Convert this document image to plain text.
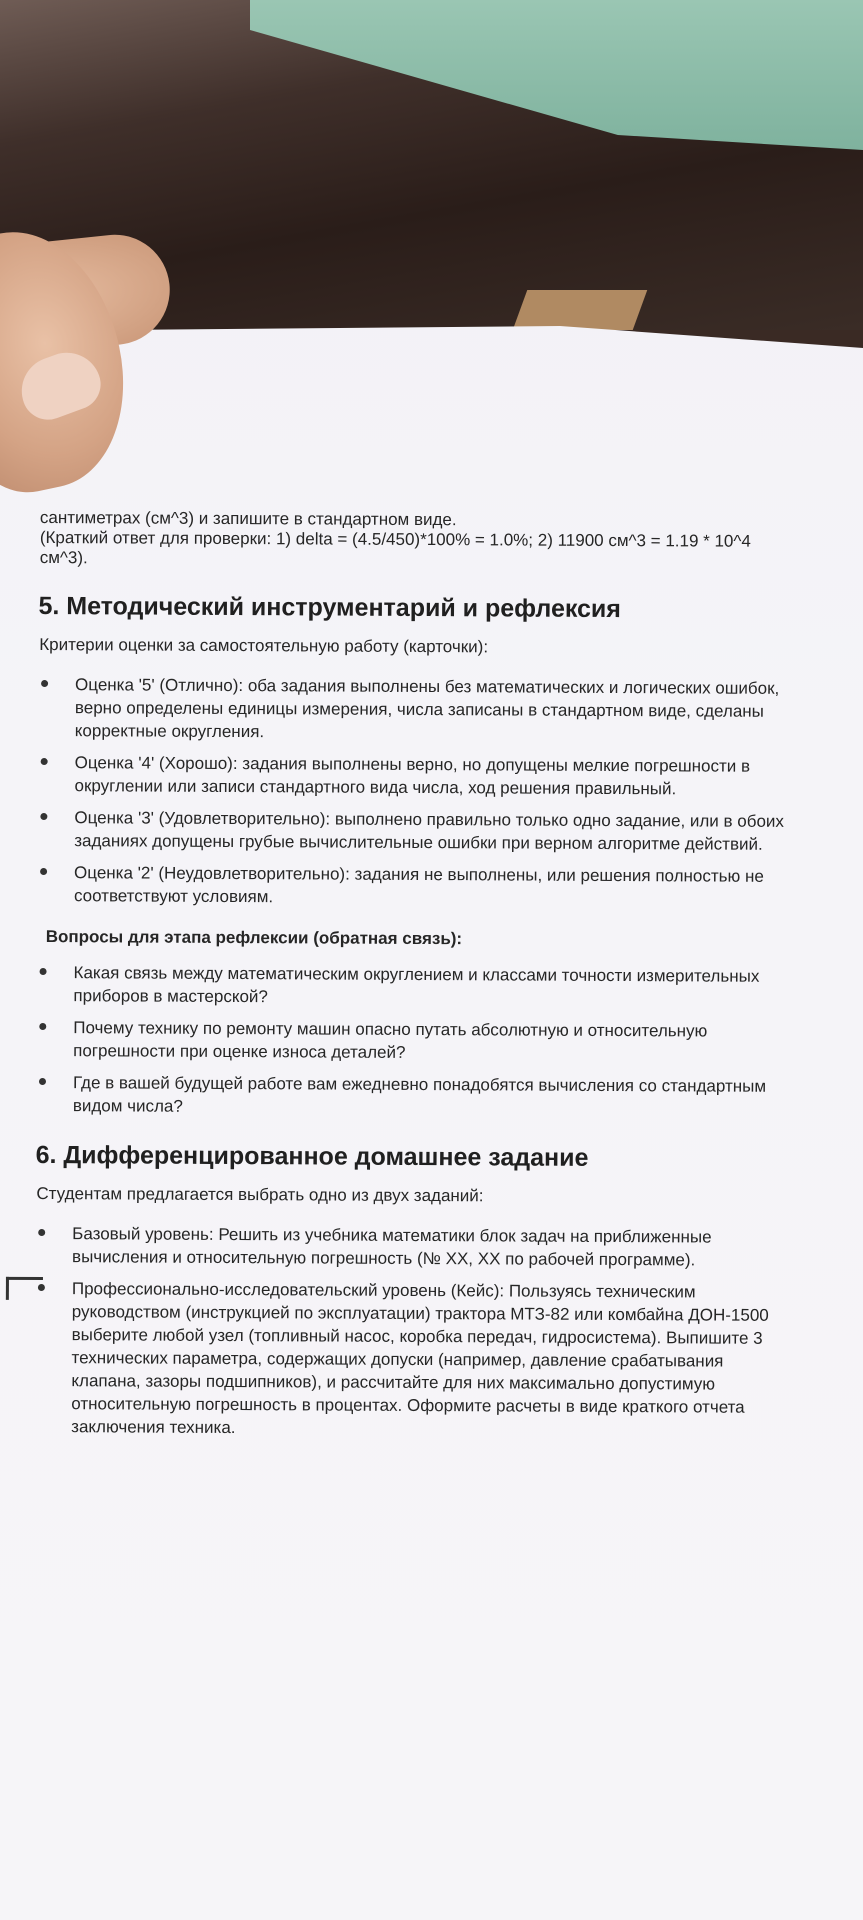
сантиметрах (см^3) и запишите в стандартном виде.
(Краткий ответ для проверки: 1) delta = (4.5/450)*100% = 1.0%; 2) 11900 см^3 = 1.19 * 10^4
см^3).
5. Методический инструментарий и рефлексия
Критерии оценки за самостоятельную работу (карточки):
Оценка '5' (Отлично): оба задания выполнены без математических и логических ошибок,
верно определены единицы измерения, числа записаны в стандартном виде, сделаны
корректные округления.
Оценка '4' (Хорошо): задания выполнены верно, но допущены мелкие погрешности в
округлении или записи стандартного вида числа, ход решения правильный.
Оценка '3' (Удовлетворительно): выполнено правильно только одно задание, или в обоих
заданиях допущены грубые вычислительные ошибки при верном алгоритме действий.
Оценка '2' (Неудовлетворительно): задания не выполнены, или решения полностью не
соответствуют условиям.
Вопросы для этапа рефлексии (обратная связь):
Какая связь между математическим округлением и классами точности измерительных
приборов в мастерской?
Почему технику по ремонту машин опасно путать абсолютную и относительную
погрешности при оценке износа деталей?
Где в вашей будущей работе вам ежедневно понадобятся вычисления со стандартным
видом числа?
6. Дифференцированное домашнее задание
Студентам предлагается выбрать одно из двух заданий:
Базовый уровень: Решить из учебника математики блок задач на приближенные
вычисления и относительную погрешность (№ XX, XX по рабочей программе).
Профессионально-исследовательский уровень (Кейс): Пользуясь техническим
руководством (инструкцией по эксплуатации) трактора МТЗ-82 или комбайна ДОН-1500
выберите любой узел (топливный насос, коробка передач, гидросистема). Выпишите 3
технических параметра, содержащих допуски (например, давление срабатывания
клапана, зазоры подшипников), и рассчитайте для них максимально допустимую
относительную погрешность в процентах. Оформите расчеты в виде краткого отчета
заключения техника.
